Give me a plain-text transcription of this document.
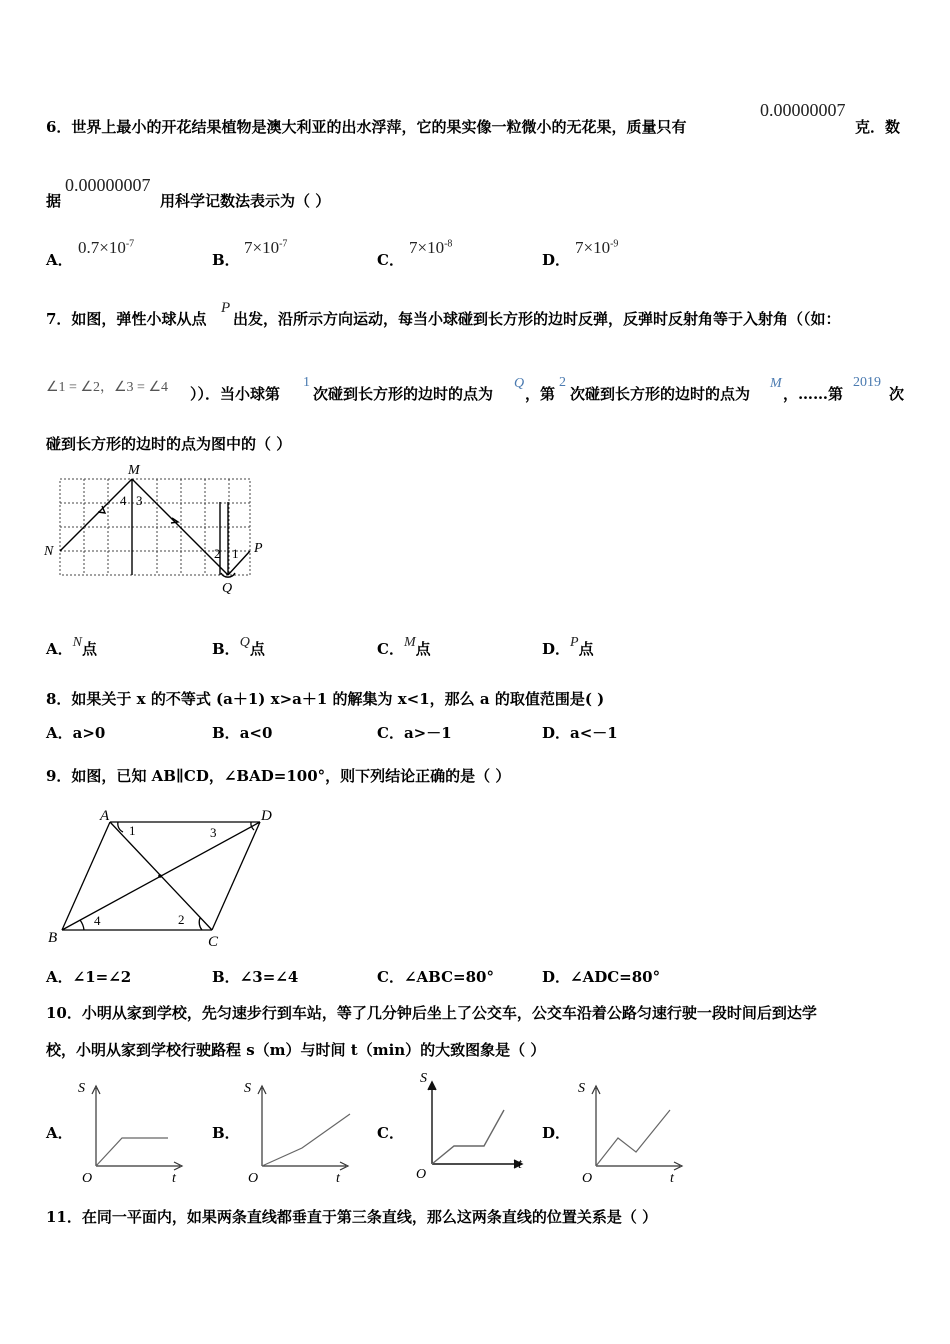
6．世界上最小的开花结果植物是澳大利亚的出水浮萍，它的果实像一粒微小的无花果，质量只有
0.00000007
克．数
据
0.00000007
用科学记数法表示为（ ）
A．
$0.7\times 10^{-7}$
B．
$7\times 10^{-7}$
C．
$7\times 10^{-8}$
D．
$7\times 10^{-9}$
7．如图，弹性小球从点
P
出发，沿所示方向运动，每当小球碰到长方形的边时反弹，反弹时反射角等于入射角（（如：
∠1 = ∠2，∠3 = ∠4 ））．当小球第
1
次碰到长方形的边时的点为
Q
，第
2
次碰到长方形的边时的点为
M
，……第
2019
次
碰到长方形的边时的点为图中的（ ）
M
N	P
Q
4 3
2 1
A．N点	B．Q点	C．M点	D．P点
8．如果关于 x 的不等式 (a＋1) x>a＋1 的解集为 x<1，那么 a 的取值范围是( )
A．a>0	B．a<0	C．a>－1	D．a<－1
9．如图，已知 AB∥CD，∠BAD=100°，则下列结论正确的是（ ）
A	D
B	C
1	3
2
4
A．∠1=∠2	B．∠3=∠4	C．∠ABC=80°	D．∠ADC=80°
10．小明从家到学校，先匀速步行到车站，等了几分钟后坐上了公交车，公交车沿着公路匀速行驶一段时间后到达学
校，小明从家到学校行驶路程 s（m）与时间 t（min）的大致图象是（ ）
A．
S
t
O
B．
S
t
O
C．
S
t
O
D．
S
t
O
11．在同一平面内，如果两条直线都垂直于第三条直线，那么这两条直线的位置关系是（ ）
